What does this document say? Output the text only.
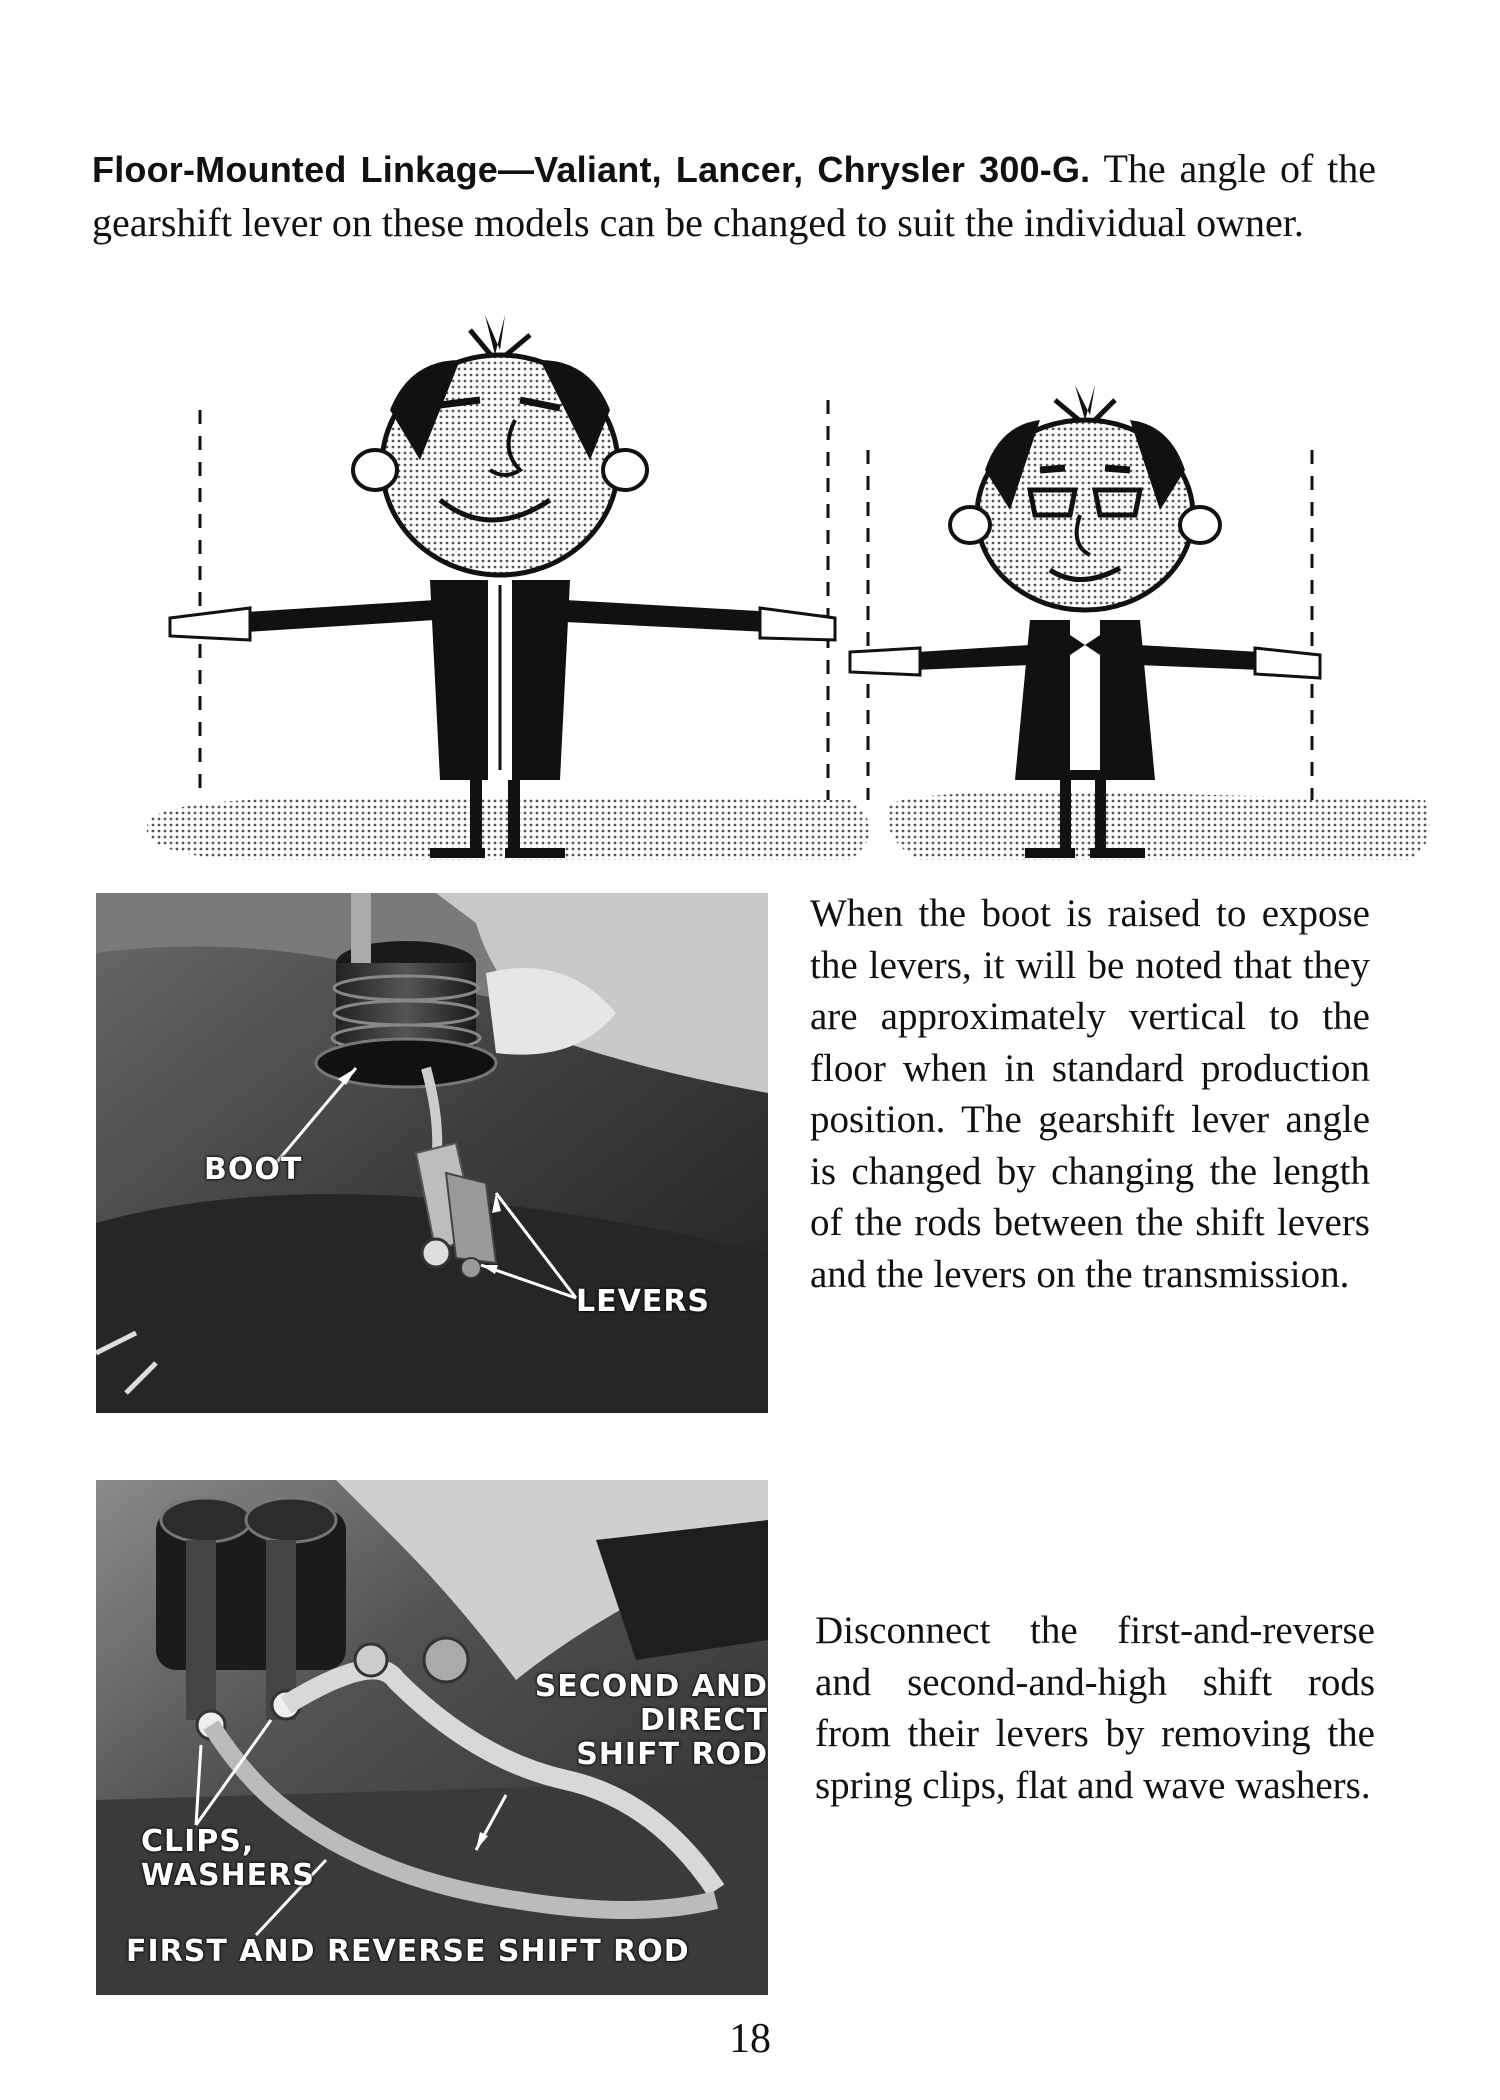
Floor-Mounted Linkage—Valiant, Lancer, Chrysler 300-G. The angle of the gearshift lever on these models can be changed to suit the individual owner.

BOOT
LEVERS

When the boot is raised to expose the levers, it will be noted that they are approximately vertical to the floor when in standard production position. The gearshift lever angle is changed by changing the length of the rods between the shift levers and the levers on the transmission.

SECOND AND DIRECT
SHIFT ROD
CLIPS,
WASHERS
FIRST AND REVERSE SHIFT ROD

Disconnect the first-and-reverse and second-and-high shift rods from their levers by removing the spring clips, flat and wave washers.

18
